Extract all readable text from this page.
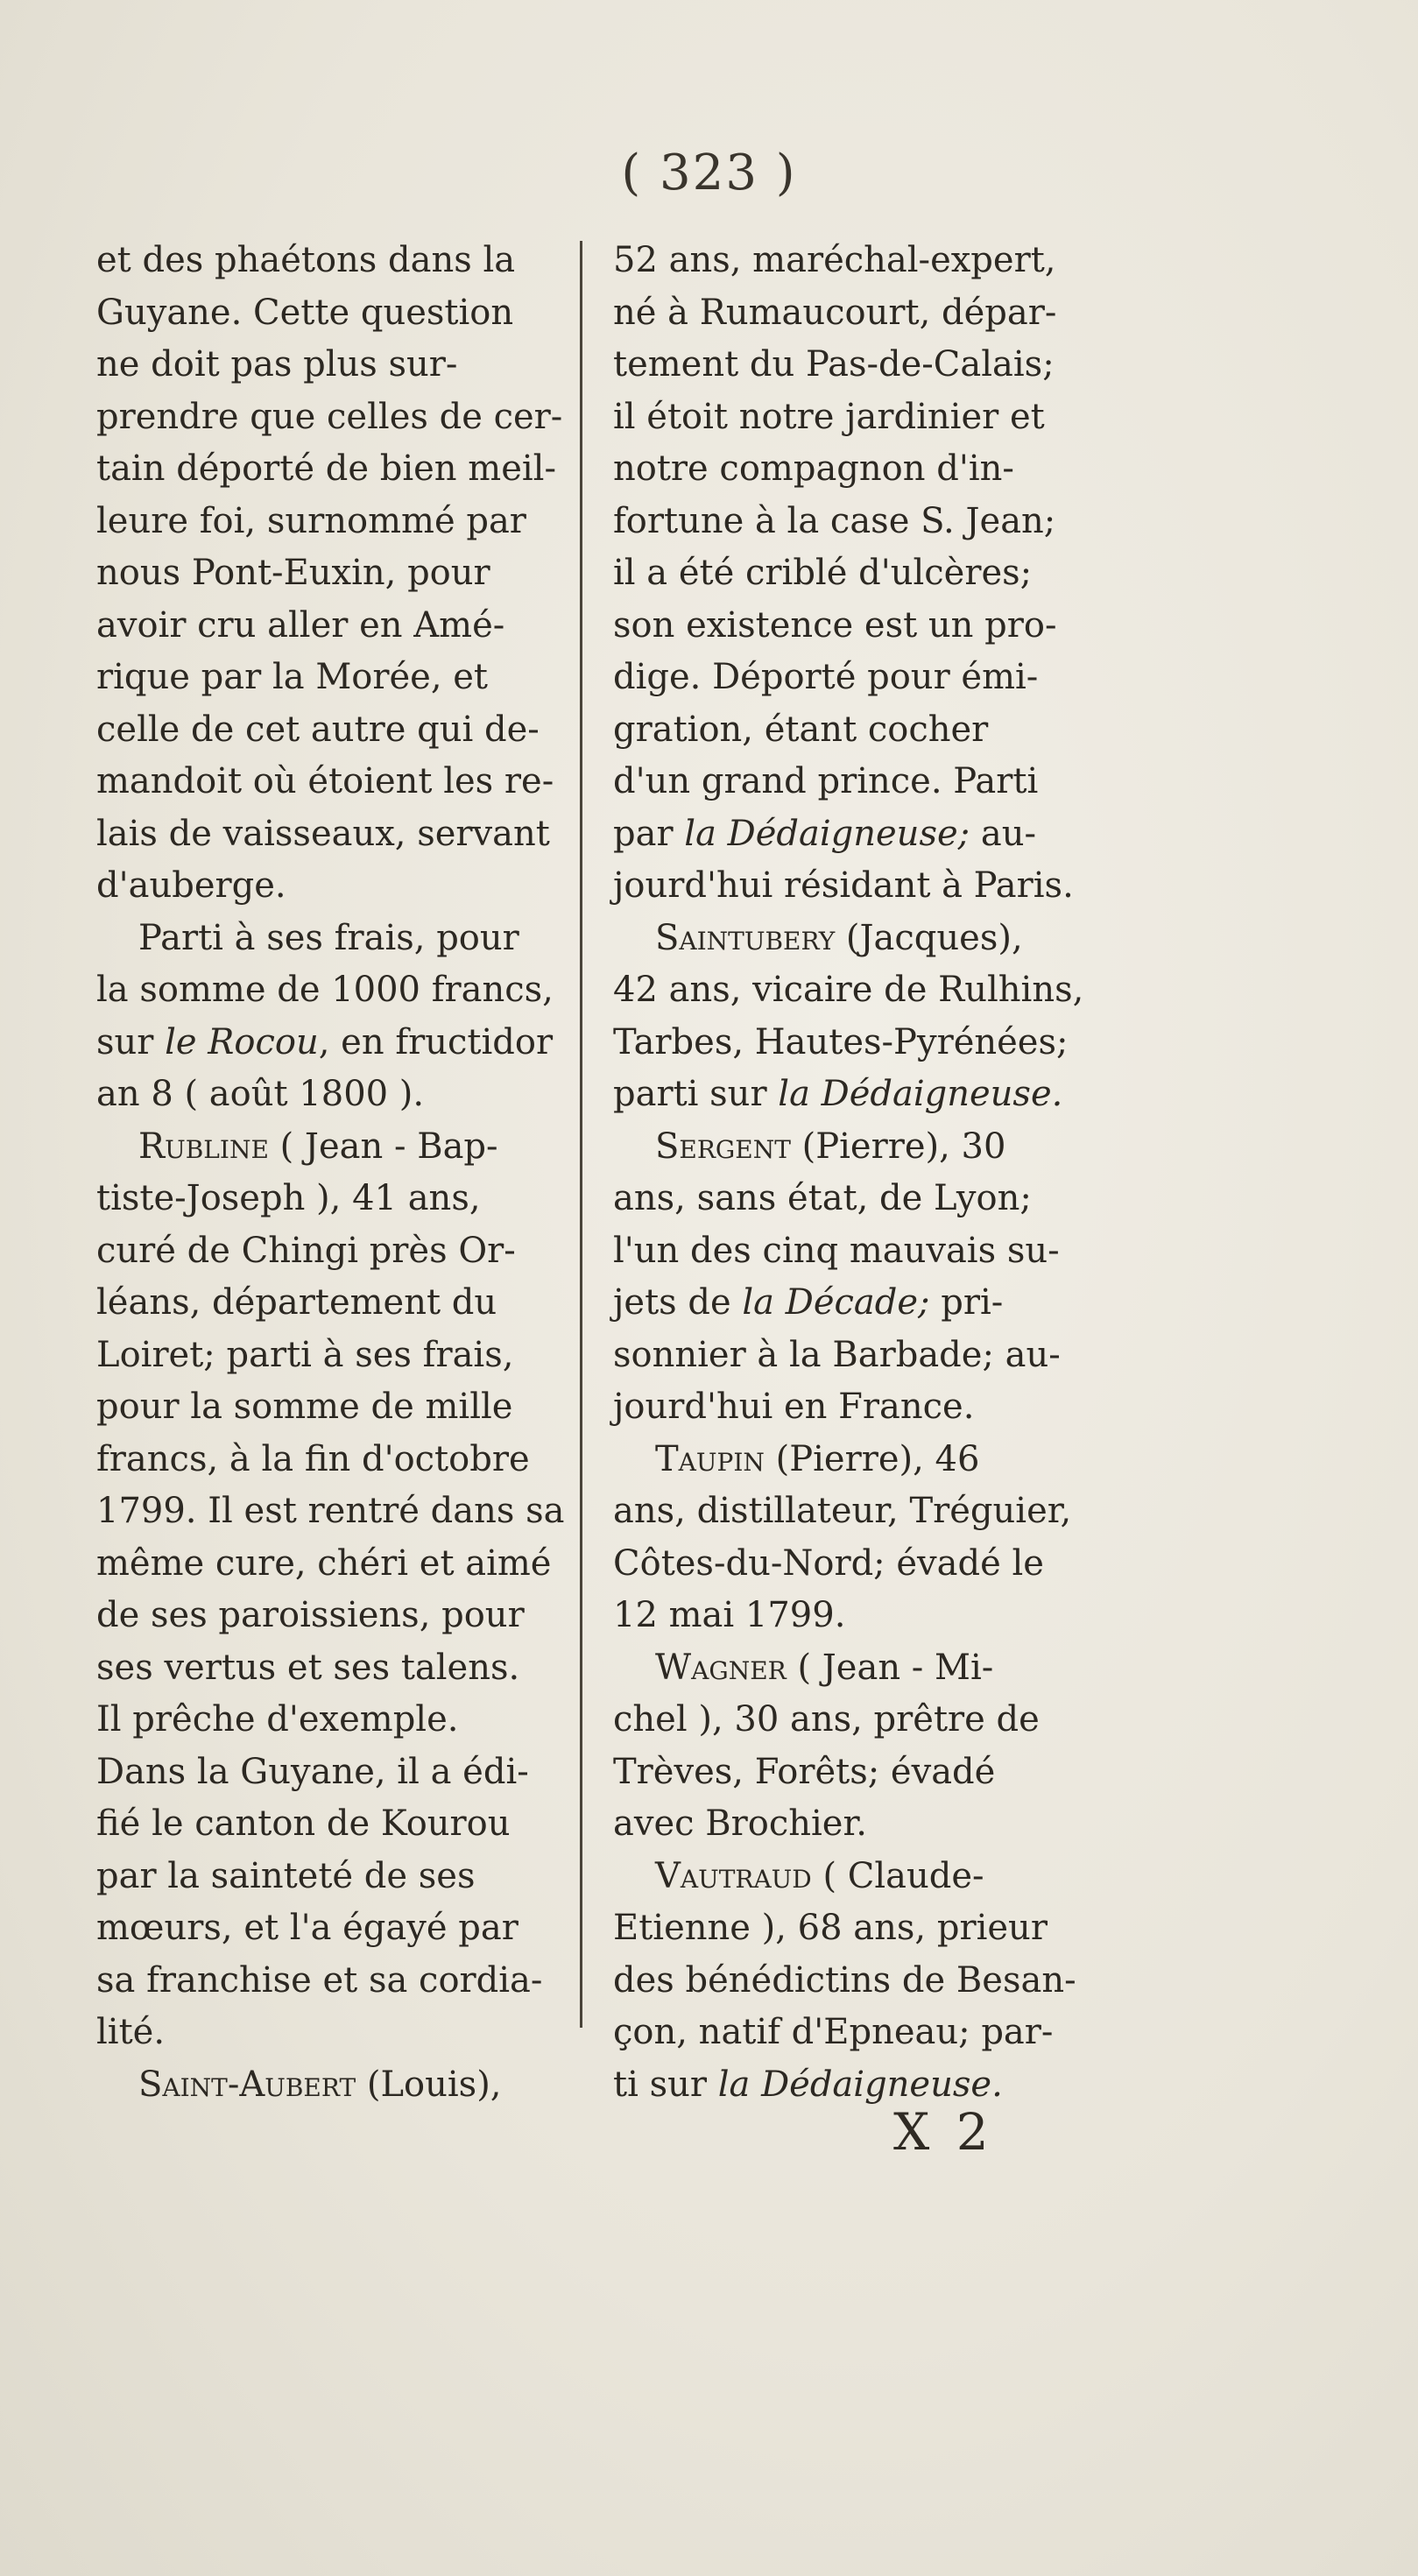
( 323 )
et des phaétons dans la
Guyane. Cette question
ne doit pas plus sur-
prendre que celles de cer-
tain déporté de bien meil-
leure foi, surnommé par
nous Pont-Euxin, pour
avoir cru aller en Amé-
rique par la Morée, et
celle de cet autre qui de-
mandoit où étoient les re-
lais de vaisseaux, servant
d'auberge.
Parti à ses frais, pour
la somme de 1000 francs,
sur le Rocou, en fructidor
an 8 ( août 1800 ).
Rubline ( Jean - Bap-
tiste-Joseph ), 41 ans,
curé de Chingi près Or-
léans, département du
Loiret; parti à ses frais,
pour la somme de mille
francs, à la fin d'octobre
1799. Il est rentré dans sa
même cure, chéri et aimé
de ses paroissiens, pour
ses vertus et ses talens.
Il prêche d'exemple.
Dans la Guyane, il a édi-
fié le canton de Kourou
par la sainteté de ses
mœurs, et l'a égayé par
sa franchise et sa cordia-
lité.
Saint-Aubert (Louis),
52 ans, maréchal-expert,
né à Rumaucourt, dépar-
tement du Pas-de-Calais;
il étoit notre jardinier et
notre compagnon d'in-
fortune à la case S. Jean;
il a été criblé d'ulcères;
son existence est un pro-
dige. Déporté pour émi-
gration, étant cocher
d'un grand prince. Parti
par la Dédaigneuse; au-
jourd'hui résidant à Paris.
Saintubery (Jacques),
42 ans, vicaire de Rulhins,
Tarbes, Hautes-Pyrénées;
parti sur la Dédaigneuse.
Sergent (Pierre), 30
ans, sans état, de Lyon;
l'un des cinq mauvais su-
jets de la Décade; pri-
sonnier à la Barbade; au-
jourd'hui en France.
Taupin (Pierre), 46
ans, distillateur, Tréguier,
Côtes-du-Nord; évadé le
12 mai 1799.
Wagner ( Jean - Mi-
chel ), 30 ans, prêtre de
Trèves, Forêts; évadé
avec Brochier.
Vautraud ( Claude-
Etienne ), 68 ans, prieur
des bénédictins de Besan-
çon, natif d'Epneau; par-
ti sur la Dédaigneuse.
X 2
